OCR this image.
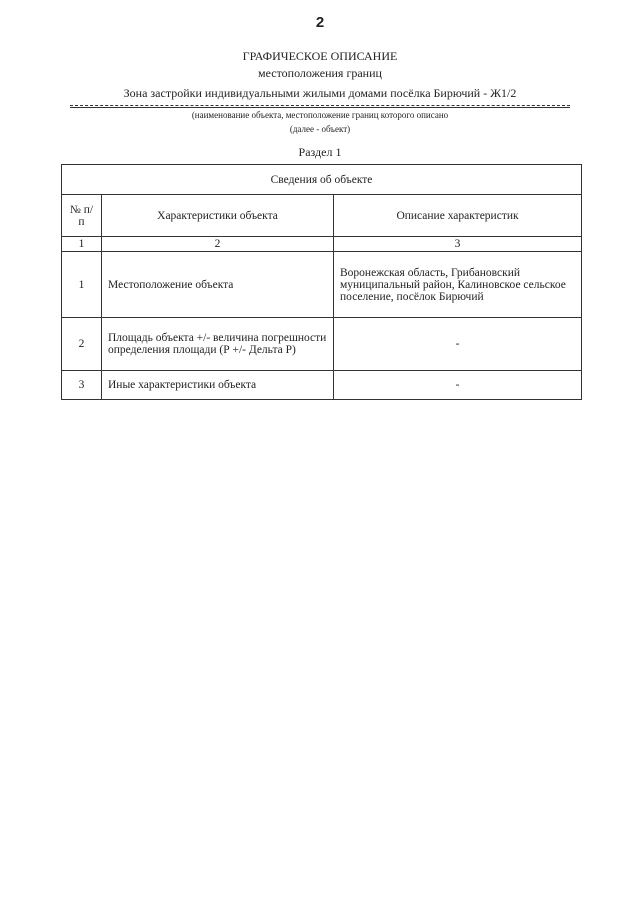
2
ГРАФИЧЕСКОЕ ОПИСАНИЕ
местоположения границ
Зона застройки индивидуальными жилыми домами посёлка Бирючий - Ж1/2
(наименование объекта, местоположение границ которого описано
(далее - объект)
Раздел 1
Сведения об объекте		
№ п/п	Характеристики объекта	Описание характеристик
1	2	3
1	Местоположение объекта	Воронежская область, Грибановский муниципальный район, Калиновское сельское поселение, посёлок Бирючий
2	Площадь объекта +/- величина погрешности определения площади (Р +/- Дельта Р)	-
3	Иные характеристики объекта	-
